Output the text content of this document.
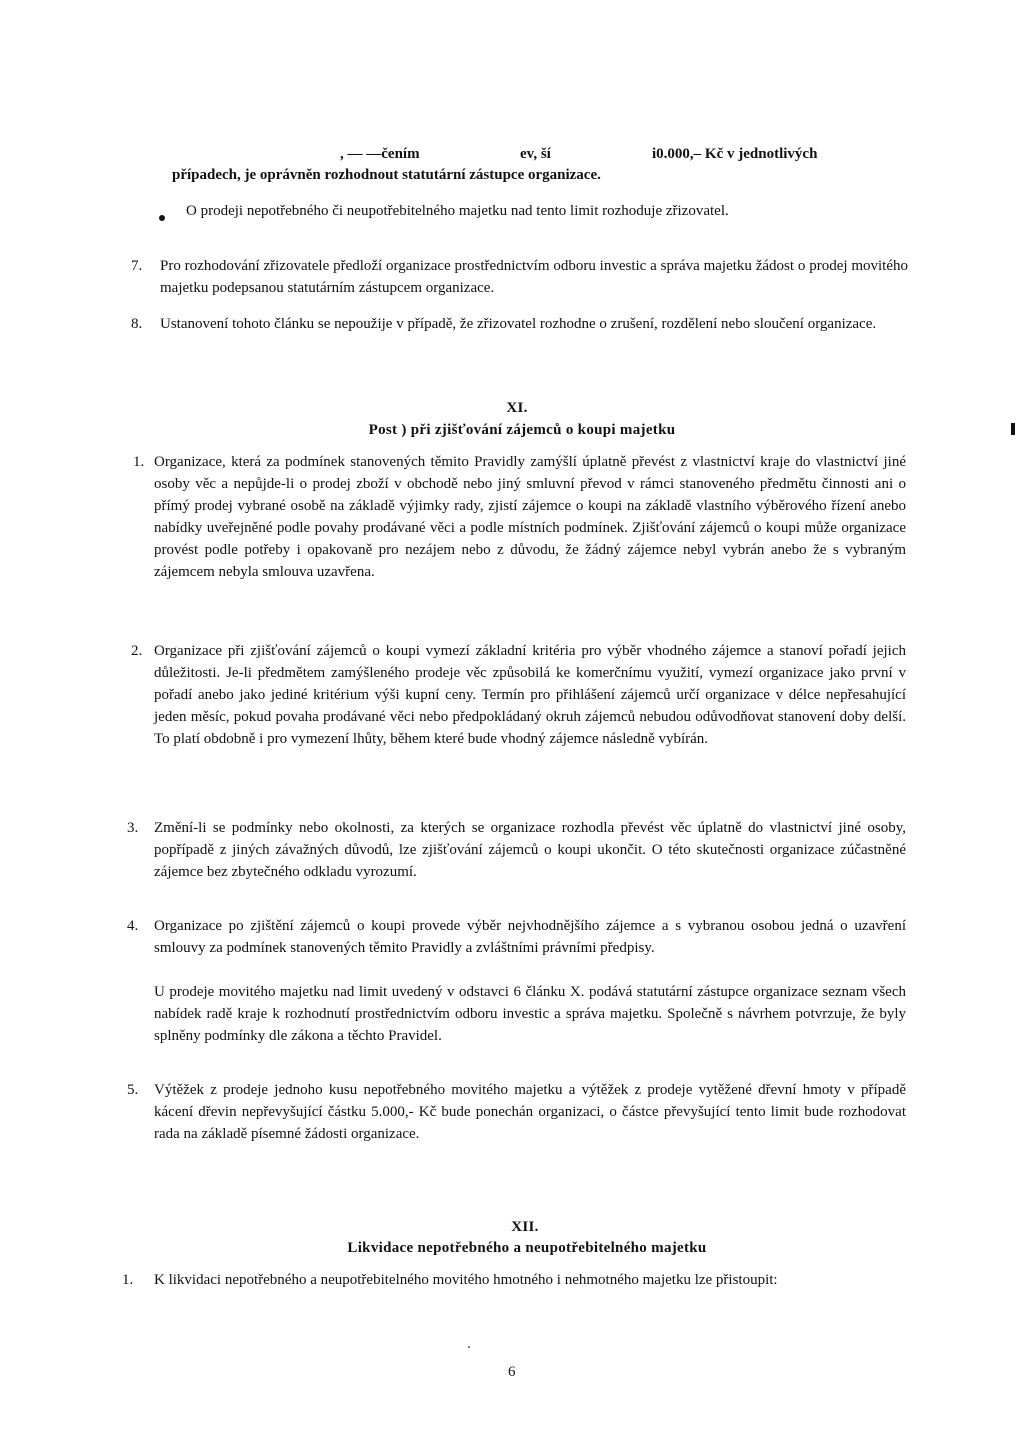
, — —čením	ev, ší	i0.000,– Kč v jednotlivých
případech, je oprávněn rozhodnout statutární zástupce organizace.
O prodeji nepotřebného či neupotřebitelného majetku nad tento limit rozhoduje zřizovatel.
7. Pro rozhodování zřizovatele předloží organizace prostřednictvím odboru investic a správa majetku žádost o prodej movitého majetku podepsanou statutárním zástupcem organizace.
8. Ustanovení tohoto článku se nepoužije v případě, že zřizovatel rozhodne o zrušení, rozdělení nebo sloučení organizace.
XI.
Post ) při zjišťování zájemců o koupi majetku
1. Organizace, která za podmínek stanovených těmito Pravidly zamýšlí úplatně převést z vlastnictví kraje do vlastnictví jiné osoby věc a nepůjde-li o prodej zboží v obchodě nebo jiný smluvní převod v rámci stanoveného předmětu činnosti ani o přímý prodej vybrané osobě na základě výjimky rady, zjistí zájemce o koupi na základě vlastního výběrového řízení anebo nabídky uveřejněné podle povahy prodávané věci a podle místních podmínek. Zjišťování zájemců o koupi může organizace provést podle potřeby i opakovaně pro nezájem nebo z důvodu, že žádný zájemce nebyl vybrán anebo že s vybraným zájemcem nebyla smlouva uzavřena.
2. Organizace při zjišťování zájemců o koupi vymezí základní kritéria pro výběr vhodného zájemce a stanoví pořadí jejich důležitosti. Je-li předmětem zamýšleného prodeje věc způsobilá ke komerčnímu využití, vymezí organizace jako první v pořadí anebo jako jediné kritérium výši kupní ceny. Termín pro přihlášení zájemců určí organizace v délce nepřesahující jeden měsíc, pokud povaha prodávané věci nebo předpokládaný okruh zájemců nebudou odůvodňovat stanovení doby delší. To platí obdobně i pro vymezení lhůty, během které bude vhodný zájemce následně vybírán.
3. Změní-li se podmínky nebo okolnosti, za kterých se organizace rozhodla převést věc úplatně do vlastnictví jiné osoby, popřípadě z jiných závažných důvodů, lze zjišťování zájemců o koupi ukončit. O této skutečnosti organizace zúčastněné zájemce bez zbytečného odkladu vyrozumí.
4. Organizace po zjištění zájemců o koupi provede výběr nejvhodnějšího zájemce a s vybranou osobou jedná o uzavření smlouvy za podmínek stanovených těmito Pravidly a zvláštními právními předpisy.
U prodeje movitého majetku nad limit uvedený v odstavci 6 článku X. podává statutární zástupce organizace seznam všech nabídek radě kraje k rozhodnutí prostřednictvím odboru investic a správa majetku. Společně s návrhem potvrzuje, že byly splněny podmínky dle zákona a těchto Pravidel.
5. Výtěžek z prodeje jednoho kusu nepotřebného movitého majetku a výtěžek z prodeje vytěžené dřevní hmoty v případě kácení dřevin nepřevyšující částku 5.000,- Kč bude ponechán organizaci, o částce převyšující tento limit bude rozhodovat rada na základě písemné žádosti organizace.
XII.
Likvidace nepotřebného a neupotřebitelného majetku
1. K likvidaci nepotřebného a neupotřebitelného movitého hmotného i nehmotného majetku lze přistoupit:
6
